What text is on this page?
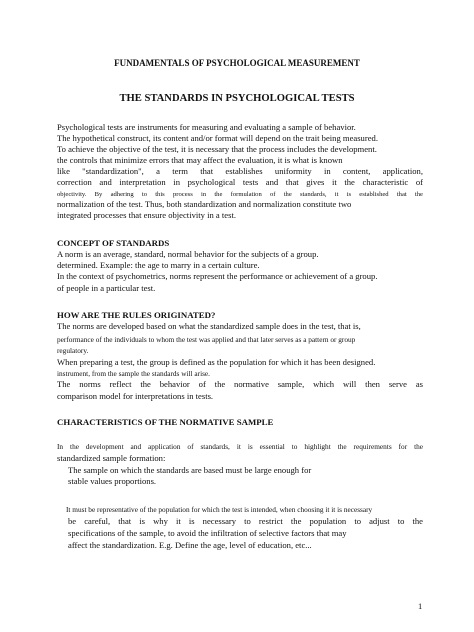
FUNDAMENTALS OF PSYCHOLOGICAL MEASUREMENT
THE STANDARDS IN PSYCHOLOGICAL TESTS
Psychological tests are instruments for measuring and evaluating a sample of behavior.
The hypothetical construct, its content and/or format will depend on the trait being measured.
To achieve the objective of the test, it is necessary that the process includes the development.
the controls that minimize errors that may affect the evaluation, it is what is known
like "standardization", a term that establishes uniformity in content, application,
correction and interpretation in psychological tests and that gives it the characteristic of
objectivity. By adhering to this process in the formulation of the standards, it is established that the
normalization of the test. Thus, both standardization and normalization constitute two
integrated processes that ensure objectivity in a test.
CONCEPT OF STANDARDS
A norm is an average, standard, normal behavior for the subjects of a group.
determined. Example: the age to marry in a certain culture.
In the context of psychometrics, norms represent the performance or achievement of a group.
of people in a particular test.
HOW ARE THE RULES ORIGINATED?
The norms are developed based on what the standardized sample does in the test, that is,
performance of the individuals to whom the test was applied and that later serves as a pattern or group
regulatory.
When preparing a test, the group is defined as the population for which it has been designed.
instrument, from the sample the standards will arise.
The norms reflect the behavior of the normative sample, which will then serve as
comparison model for interpretations in tests.
CHARACTERISTICS OF THE NORMATIVE SAMPLE
In the development and application of standards, it is essential to highlight the requirements for the
standardized sample formation:
The sample on which the standards are based must be large enough for
stable values proportions.
It must be representative of the population for which the test is intended, when choosing it it is necessary
be careful, that is why it is necessary to restrict the population to adjust to the
specifications of the sample, to avoid the infiltration of selective factors that may
affect the standardization. E.g. Define the age, level of education, etc...
1
